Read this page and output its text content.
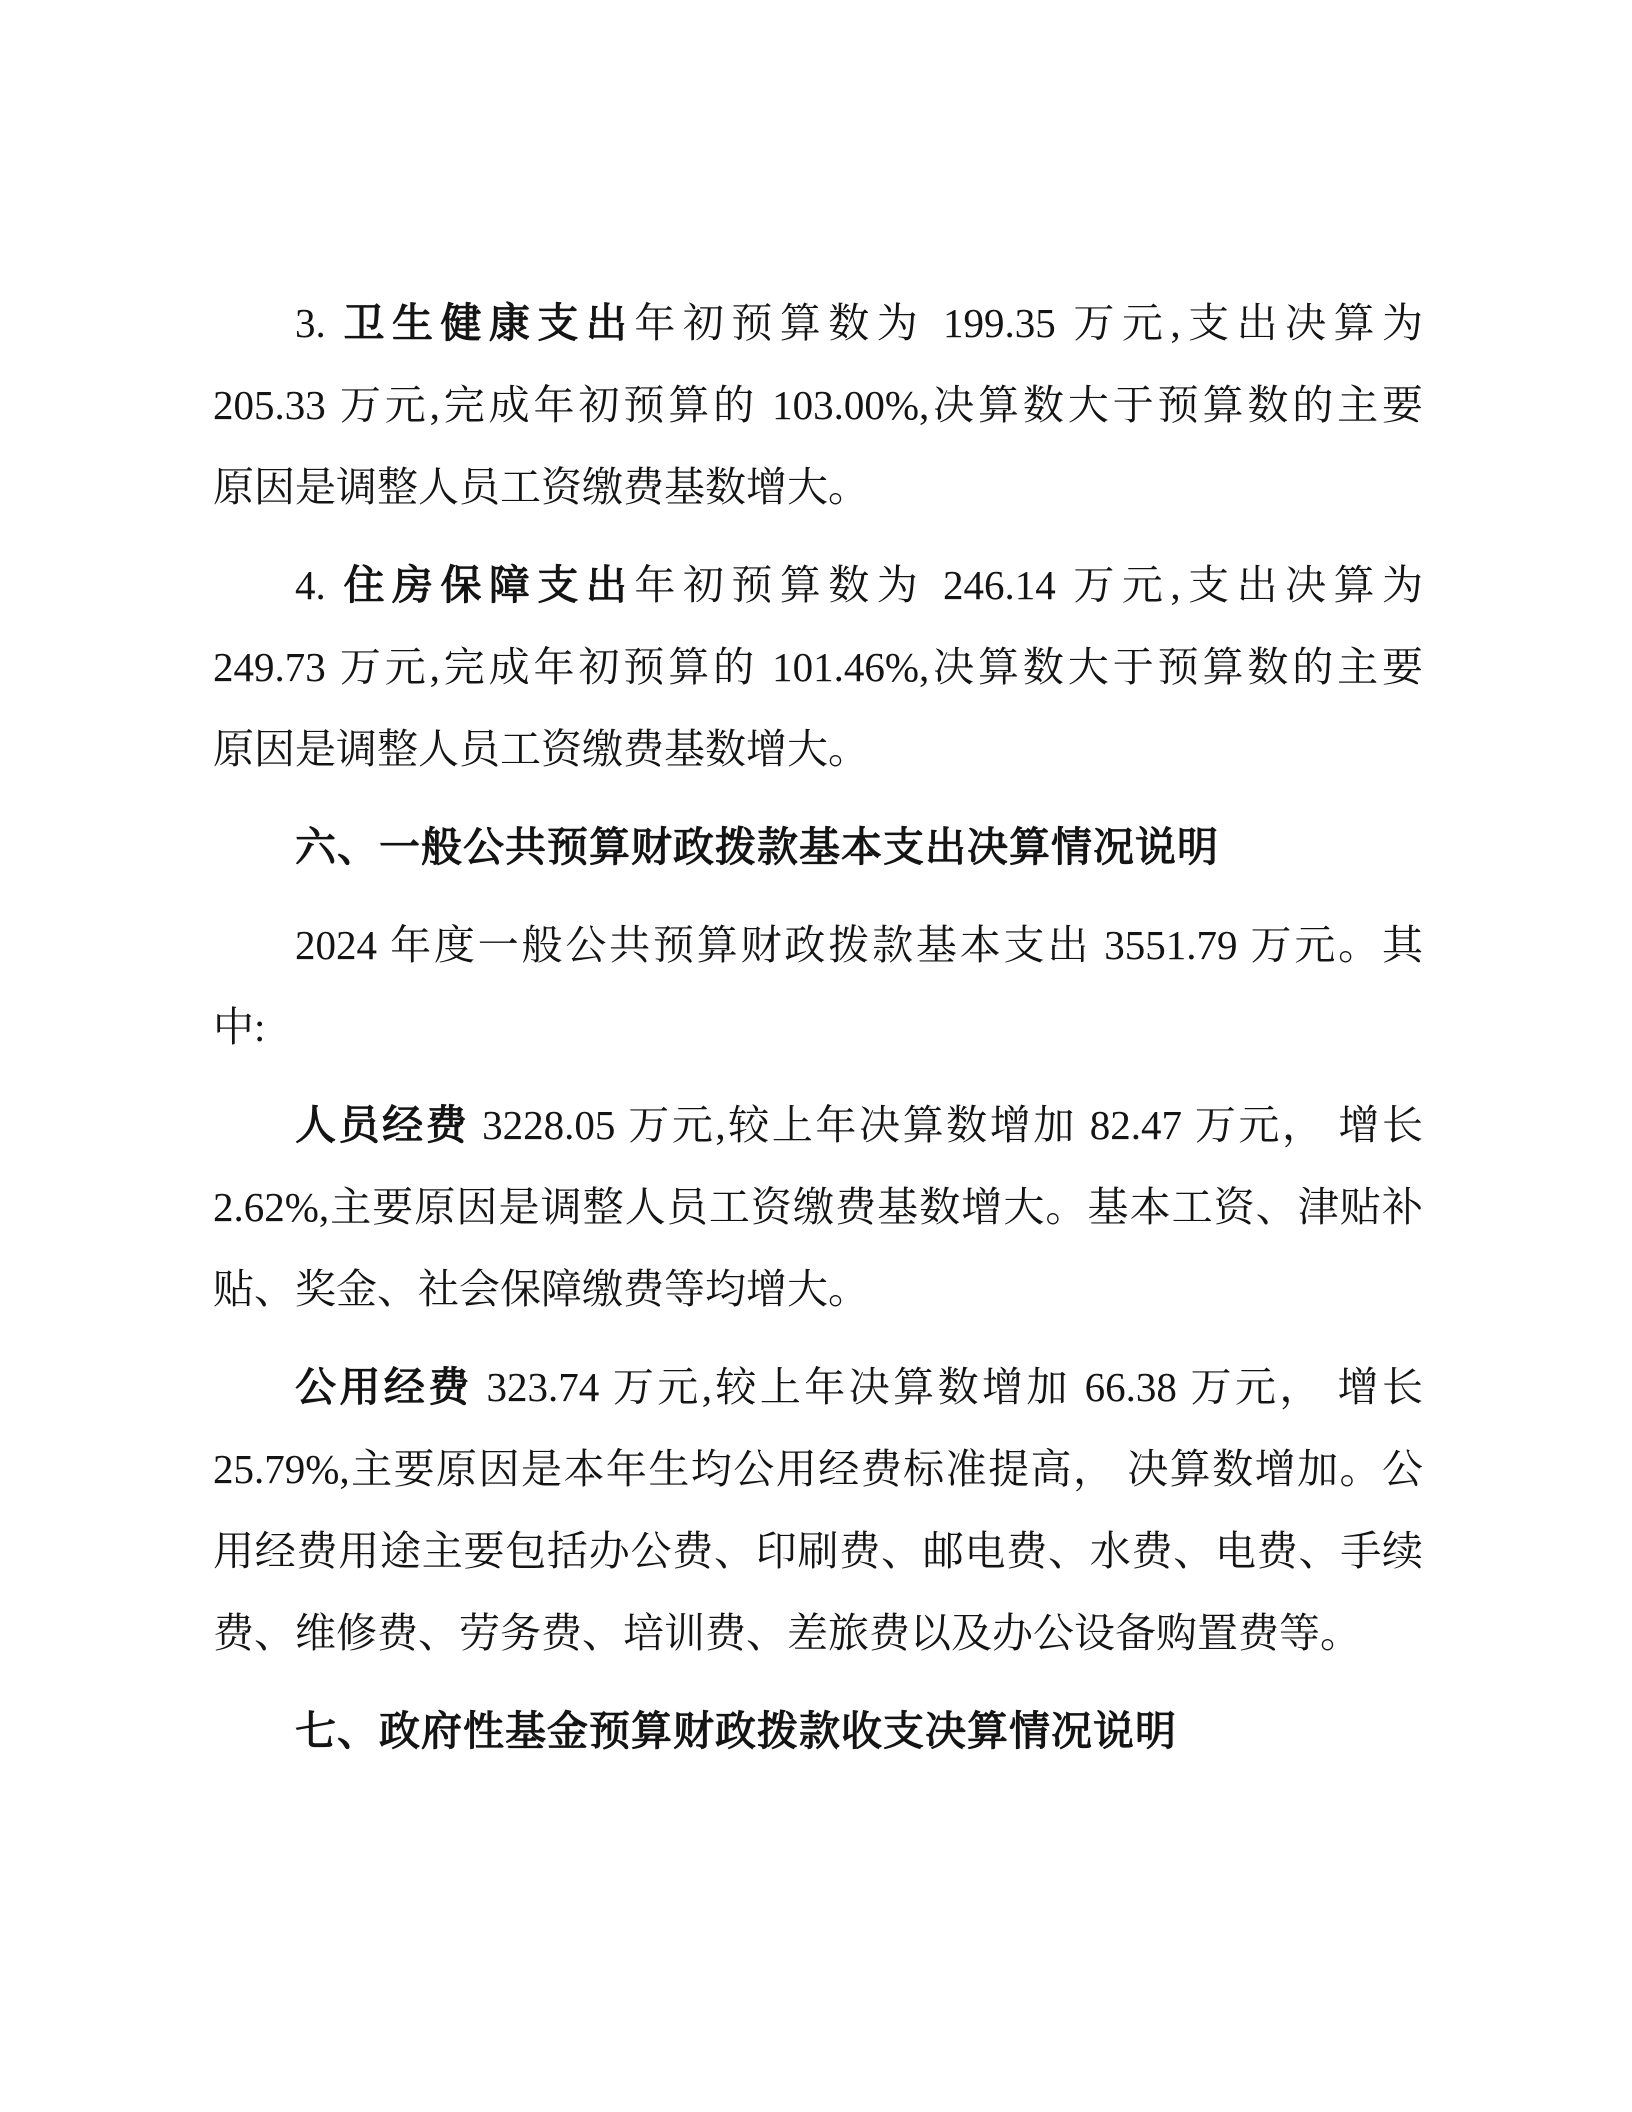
3. 卫生健康支出年初预算数为 199.35 万元,支出决算为
205.33 万元,完成年初预算的 103.00%,决算数大于预算数的主要
原因是调整人员工资缴费基数增大。

4. 住房保障支出年初预算数为 246.14 万元,支出决算为
249.73 万元,完成年初预算的 101.46%,决算数大于预算数的主要
原因是调整人员工资缴费基数增大。

六、一般公共预算财政拨款基本支出决算情况说明

2024 年度一般公共预算财政拨款基本支出 3551.79 万元。其
中:

人员经费 3228.05 万元,较上年决算数增加 82.47 万元， 增长
2.62%,主要原因是调整人员工资缴费基数增大。基本工资、津贴补
贴、奖金、社会保障缴费等均增大。

公用经费 323.74 万元,较上年决算数增加 66.38 万元， 增长
25.79%,主要原因是本年生均公用经费标准提高， 决算数增加。公
用经费用途主要包括办公费、印刷费、邮电费、水费、电费、手续
费、维修费、劳务费、培训费、差旅费以及办公设备购置费等。

七、政府性基金预算财政拨款收支决算情况说明
